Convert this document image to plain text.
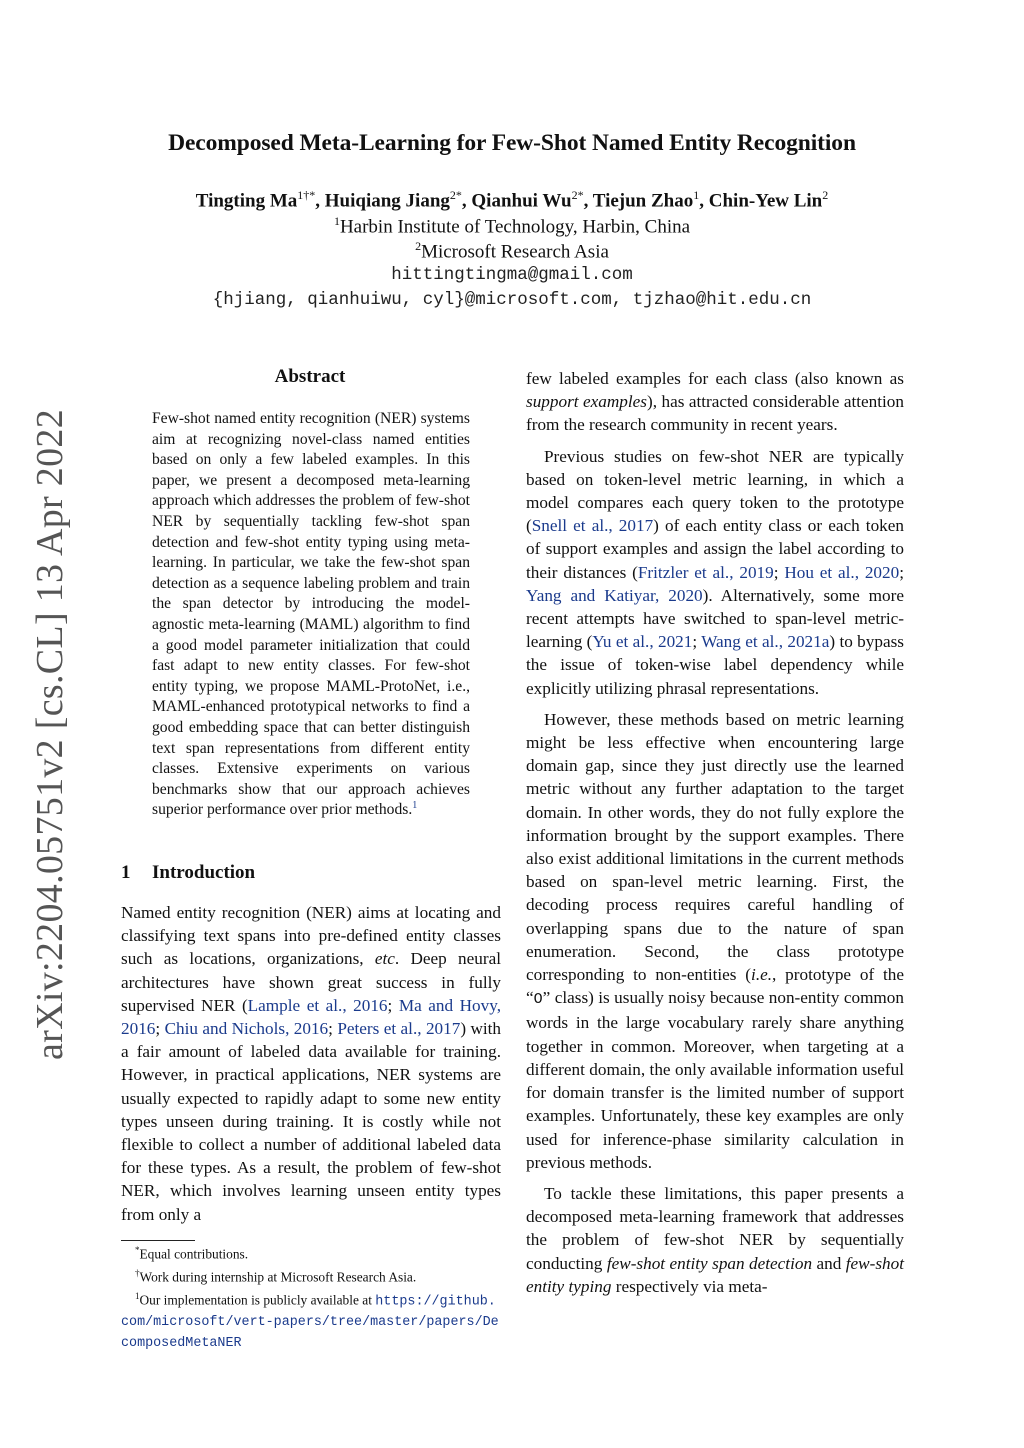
Decomposed Meta-Learning for Few-Shot Named Entity Recognition
Tingting $Ma^{1\dagger*}$, Huiqiang Jiang$^{2*}$, Qianhui $Wu^{2*}$, Tiejun Zhao$^1$, Chin-Yew Lin$^2$
$^1$Harbin Institute of Technology, Harbin, China
$^2$Microsoft Research Asia
hittingtingma@gmail.com
{hjiang, qianhuiwu, cyl}@microsoft.com, tjzhao@hit.edu.cn
arXiv:2204.05751v2 [cs.CL] 13 Apr 2022
Abstract
Few-shot named entity recognition (NER) systems aim at recognizing novel-class named entities based on only a few labeled examples. In this paper, we present a decomposed meta-learning approach which addresses the problem of few-shot NER by sequentially tackling few-shot span detection and few-shot entity typing using meta-learning. In particular, we take the few-shot span detection as a sequence labeling problem and train the span detector by introducing the model-agnostic meta-learning (MAML) algorithm to find a good model parameter initialization that could fast adapt to new entity classes. For few-shot entity typing, we propose MAML-ProtoNet, i.e., MAML-enhanced prototypical networks to find a good embedding space that can better distinguish text span representations from different entity classes. Extensive experiments on various benchmarks show that our approach achieves superior performance over prior methods.$^1$
1 Introduction

Named entity recognition (NER) aims at locating and classifying text spans into pre-defined entity classes such as locations, organizations, etc. Deep neural architectures have shown great success in fully supervised NER (Lample et al., 2016; Ma and Hovy, 2016; Chiu and Nichols, 2016; Peters et al., 2017) with a fair amount of labeled data available for training. However, in practical applications, NER systems are usually expected to rapidly adapt to some new entity types unseen during training. It is costly while not flexible to collect a number of additional labeled data for these types. As a result, the problem of few-shot NER, which involves learning unseen entity types from only a

*Equal contributions.
†Work during internship at Microsoft Research Asia.
$^1$Our implementation is publicly available at https://github.com/microsoft/vert-papers/tree/master/papers/DecomposedMetaNER

few labeled examples for each class (also known as support examples), has attracted considerable attention from the research community in recent years.

Previous studies on few-shot NER are typically based on token-level metric learning, in which a model compares each query token to the prototype (Snell et al., 2017) of each entity class or each token of support examples and assign the label according to their distances (Fritzler et al., 2019; Hou et al., 2020; Yang and Katiyar, 2020). Alternatively, some more recent attempts have switched to span-level metric-learning (Yu et al., 2021; Wang et al., 2021a) to bypass the issue of token-wise label dependency while explicitly utilizing phrasal representations.

However, these methods based on metric learning might be less effective when encountering large domain gap, since they just directly use the learned metric without any further adaptation to the target domain. In other words, they do not fully explore the information brought by the support examples. There also exist additional limitations in the current methods based on span-level metric learning. First, the decoding process requires careful handling of overlapping spans due to the nature of span enumeration. Second, the class prototype corresponding to non-entities (i.e., prototype of the “O” class) is usually noisy because non-entity common words in the large vocabulary rarely share anything together in common. Moreover, when targeting at a different domain, the only available information useful for domain transfer is the limited number of support examples. Unfortunately, these key examples are only used for inference-phase similarity calculation in previous methods.

To tackle these limitations, this paper presents a decomposed meta-learning framework that addresses the problem of few-shot NER by sequentially conducting few-shot entity span detection and few-shot entity typing respectively via meta-
